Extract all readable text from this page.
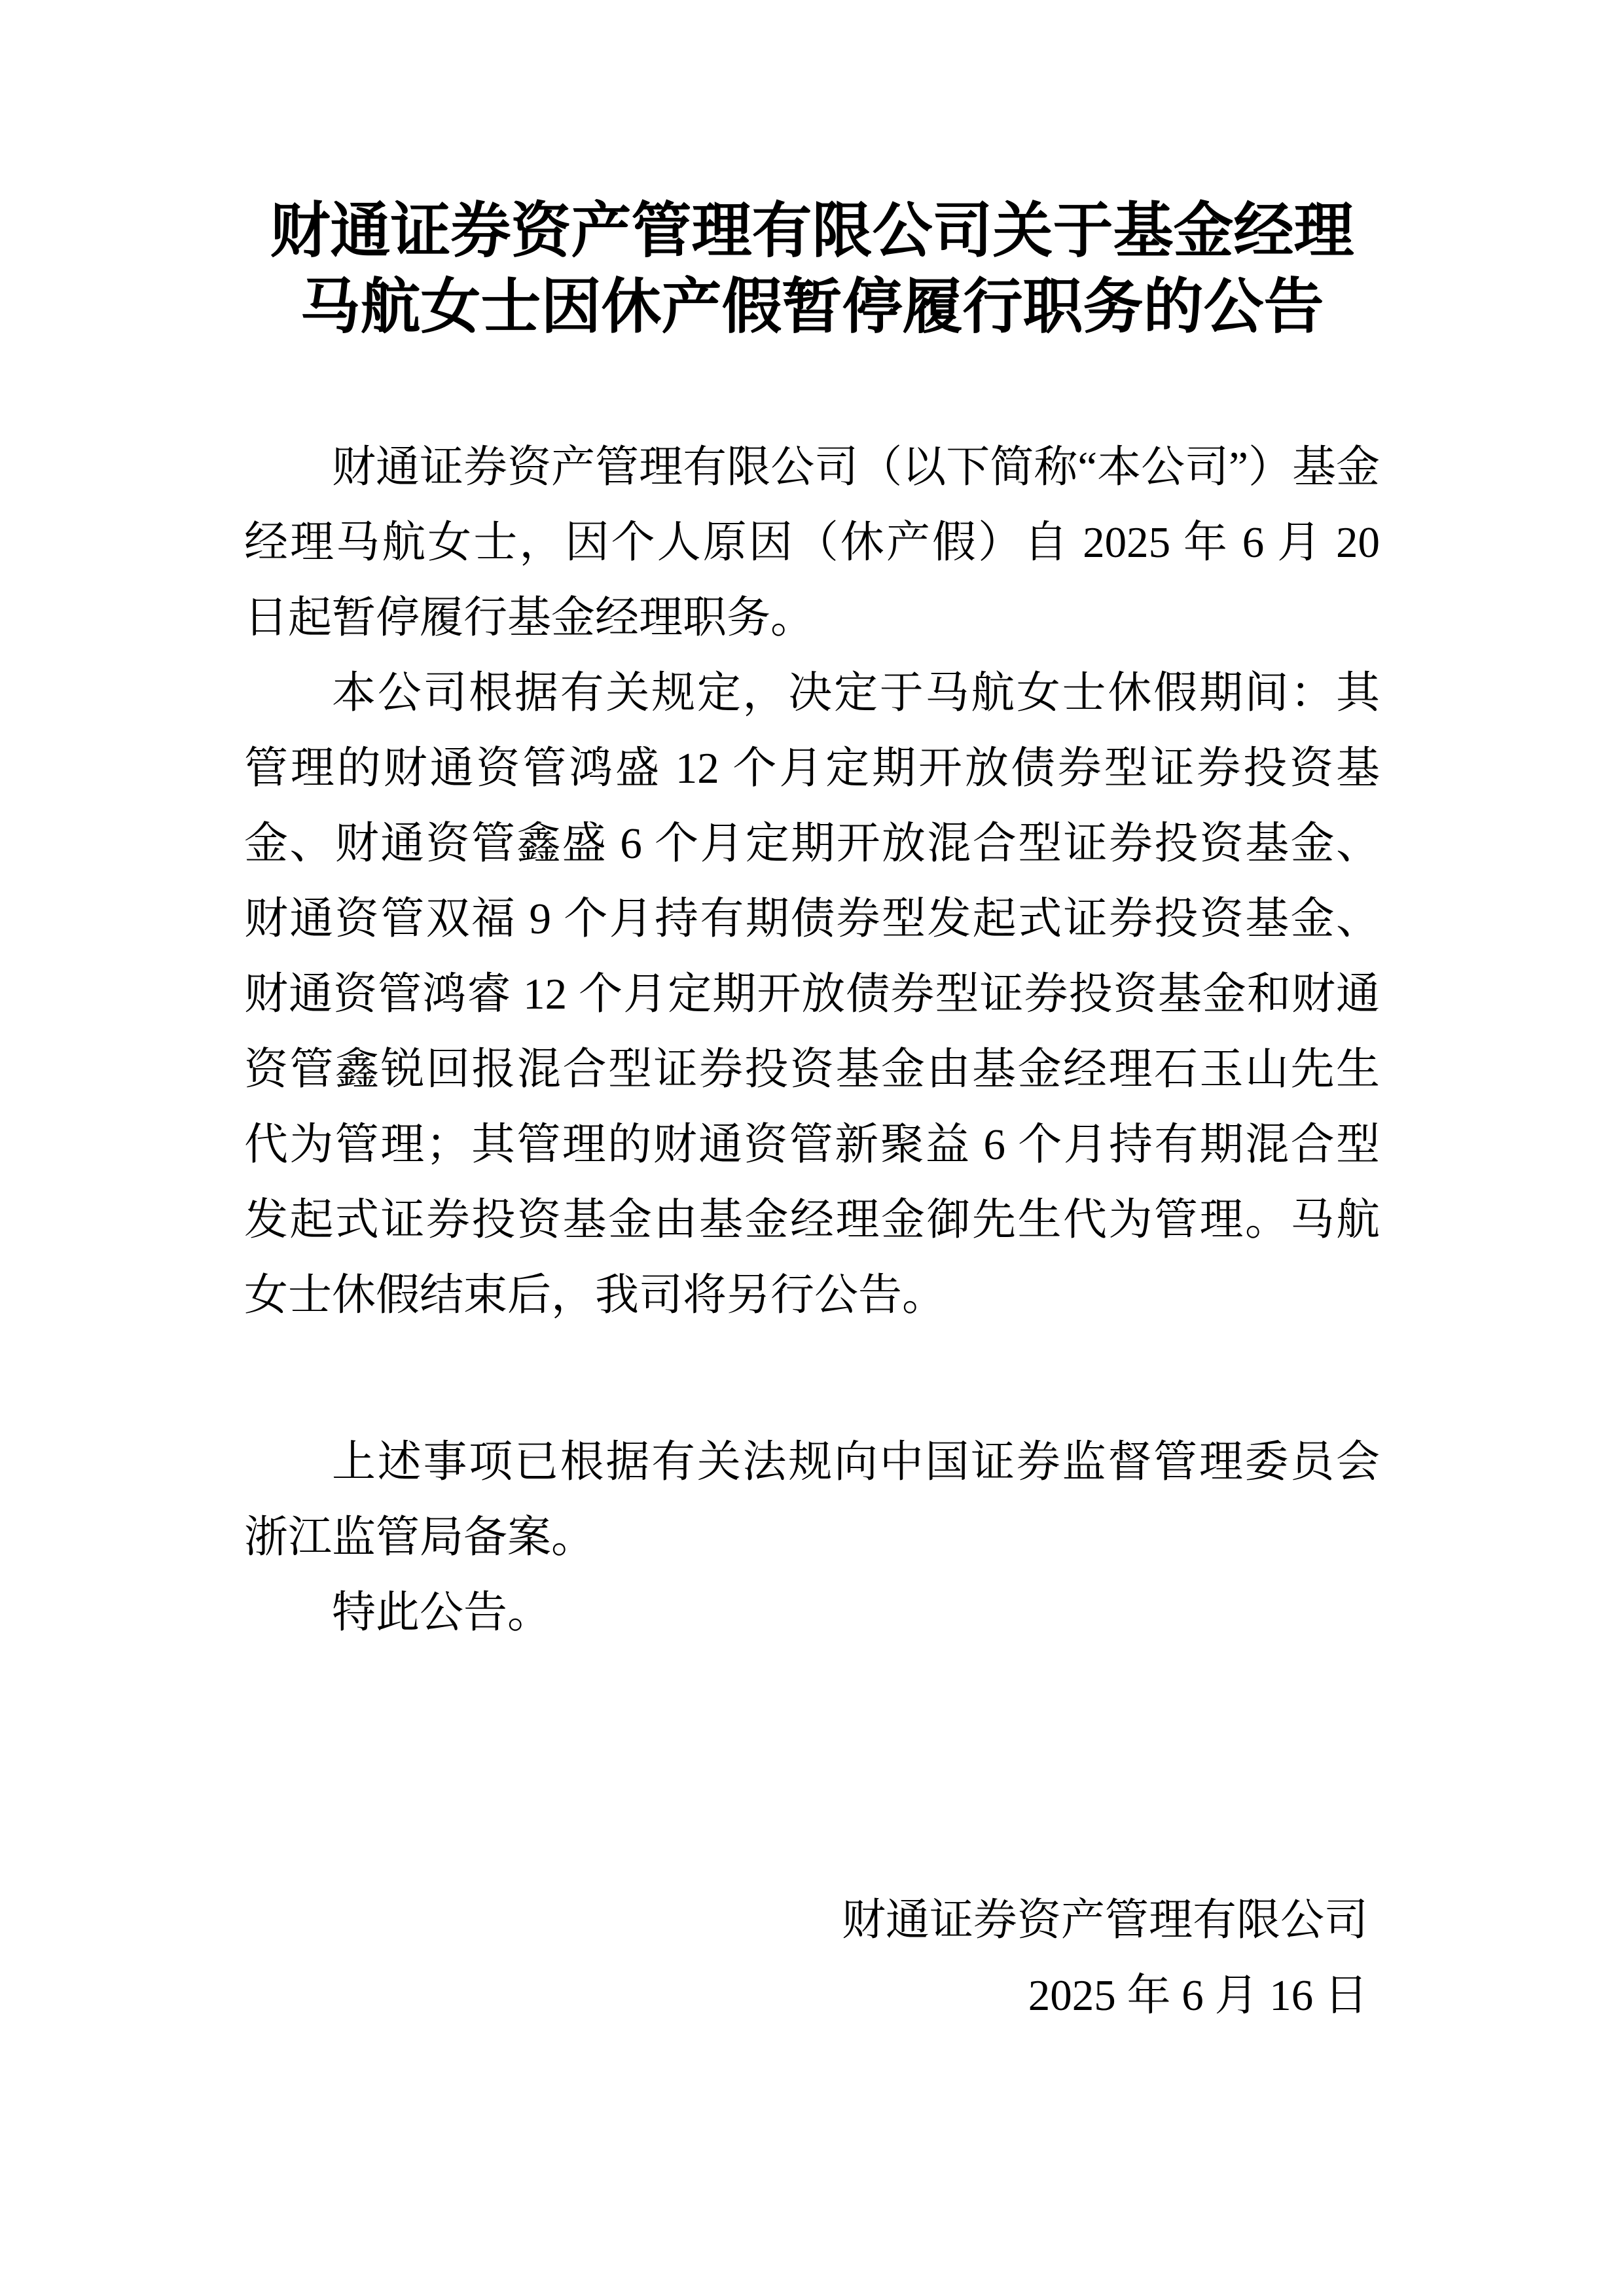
财通证券资产管理有限公司关于基金经理
马航女士因休产假暂停履行职务的公告

财通证券资产管理有限公司（以下简称“本公司”）基金经理马航女士，因个人原因（休产假）自 2025 年 6 月 20 日起暂停履行基金经理职务。

本公司根据有关规定，决定于马航女士休假期间：其管理的财通资管鸿盛 12 个月定期开放债券型证券投资基金、财通资管鑫盛 6 个月定期开放混合型证券投资基金、财通资管双福 9 个月持有期债券型发起式证券投资基金、财通资管鸿睿 12 个月定期开放债券型证券投资基金和财通资管鑫锐回报混合型证券投资基金由基金经理石玉山先生代为管理；其管理的财通资管新聚益 6 个月持有期混合型发起式证券投资基金由基金经理金御先生代为管理。马航女士休假结束后，我司将另行公告。

上述事项已根据有关法规向中国证券监督管理委员会浙江监管局备案。

特此公告。

财通证券资产管理有限公司
2025 年 6 月 16 日
